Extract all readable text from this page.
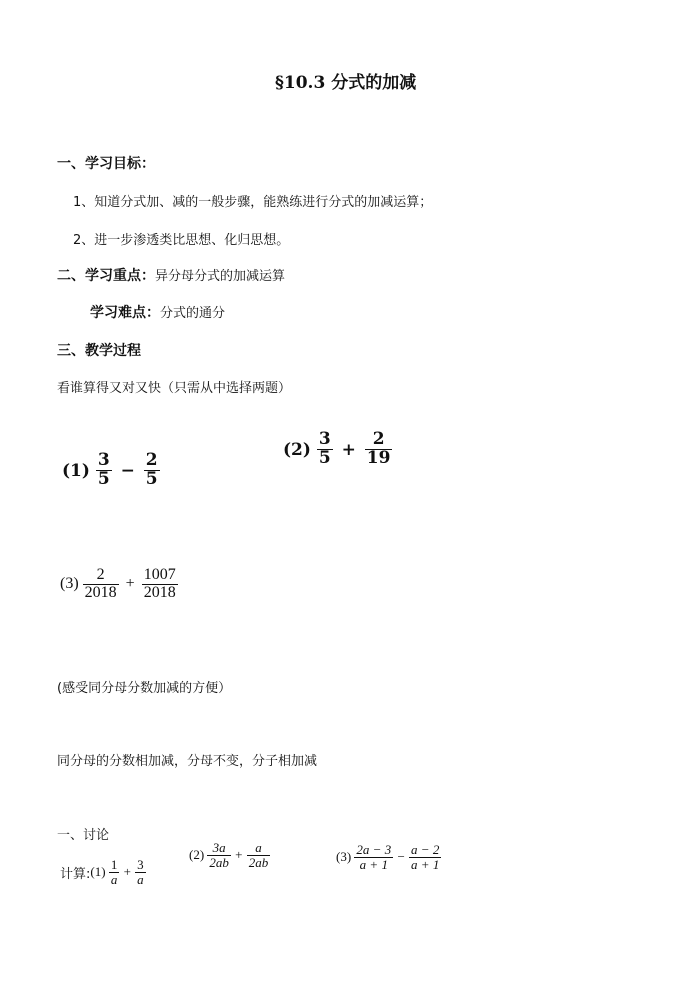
§10.3 分式的加减
一、学习目标：
1、知道分式加、减的一般步骤，能熟练进行分式的加减运算；
2、进一步渗透类比思想、化归思想。
二、学习重点：异分母分式的加减运算
学习难点：分式的通分
三、教学过程
看谁算得又对又快（只需从中选择两题）
$(1) \frac{3}{5} - \frac{2}{5}$
$(2) \frac{3}{5} + \frac{2}{19}$
$(3) \frac{2}{2018} + \frac{1007}{2018}$
(感受同分母分数加减的方便）
同分母的分数相加减，分母不变，分子相加减
一、讨论
计算:(1) $\frac{1}{a} + \frac{3}{a}$
$(2) \frac{3a}{2ab} + \frac{a}{2ab}$	$(3) \frac{2a - 3}{a + 1} - \frac{a - 2}{a + 1}$
